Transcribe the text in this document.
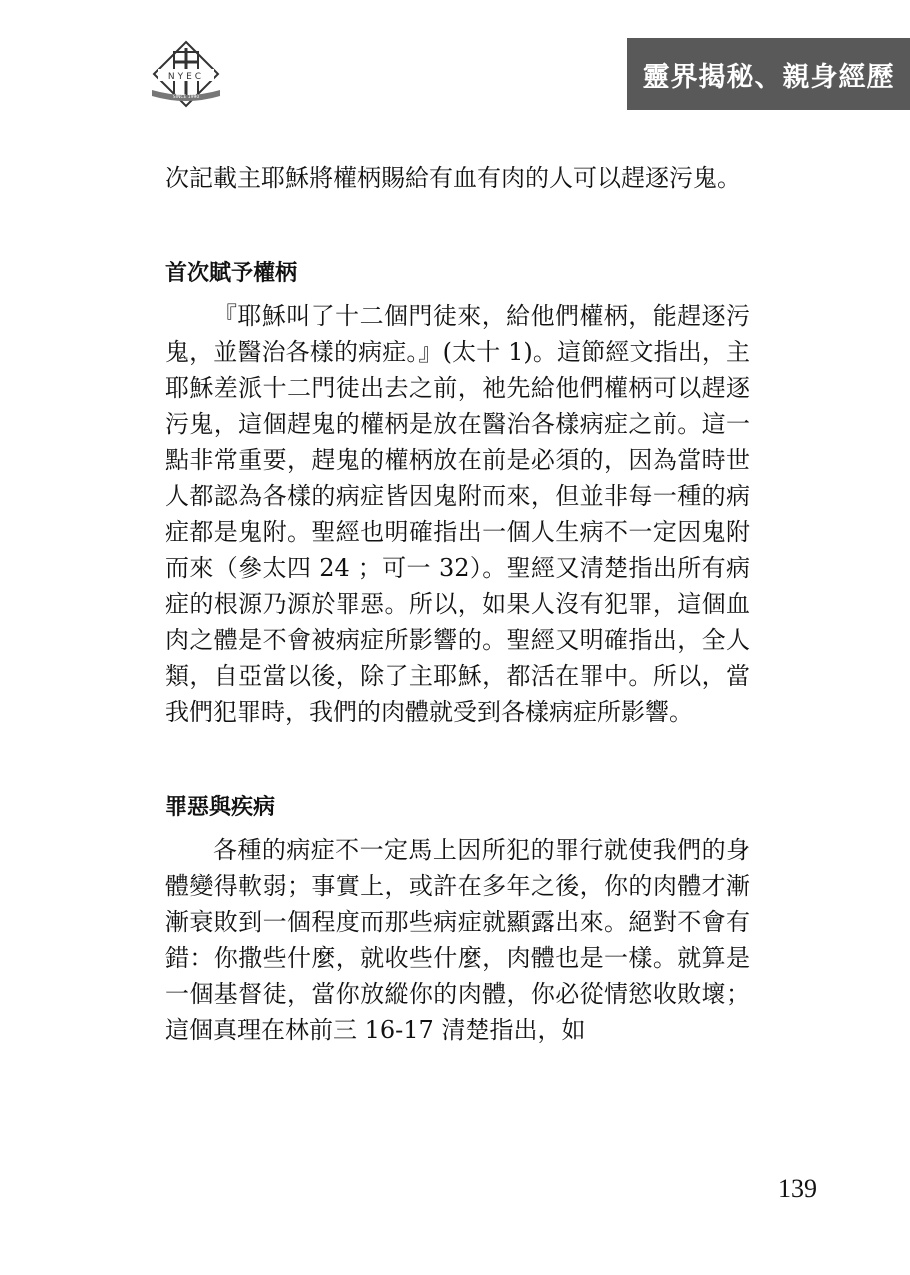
NYEC
SINCE 1990
靈界揭秘、親身經歷

次記載主耶穌將權柄賜給有血有肉的人可以趕逐污鬼。

首次賦予權柄

『耶穌叫了十二個門徒來，給他們權柄，能趕逐污鬼，並醫治各樣的病症。』(太十 1)。這節經文指出，主耶穌差派十二門徒出去之前，祂先給他們權柄可以趕逐污鬼，這個趕鬼的權柄是放在醫治各樣病症之前。這一點非常重要，趕鬼的權柄放在前是必須的，因為當時世人都認為各樣的病症皆因鬼附而來，但並非每一種的病症都是鬼附。聖經也明確指出一個人生病不一定因鬼附而來（參太四 24 ；可一 32）。聖經又清楚指出所有病症的根源乃源於罪惡。所以，如果人沒有犯罪，這個血肉之體是不會被病症所影響的。聖經又明確指出，全人類，自亞當以後，除了主耶穌，都活在罪中。所以，當我們犯罪時，我們的肉體就受到各樣病症所影響。

罪惡與疾病

各種的病症不一定馬上因所犯的罪行就使我們的身體變得軟弱；事實上，或許在多年之後，你的肉體才漸漸衰敗到一個程度而那些病症就顯露出來。絕對不會有錯：你撒些什麼，就收些什麼，肉體也是一樣。就算是一個基督徒，當你放縱你的肉體，你必從情慾收敗壞；這個真理在林前三 16-17 清楚指出，如

139
